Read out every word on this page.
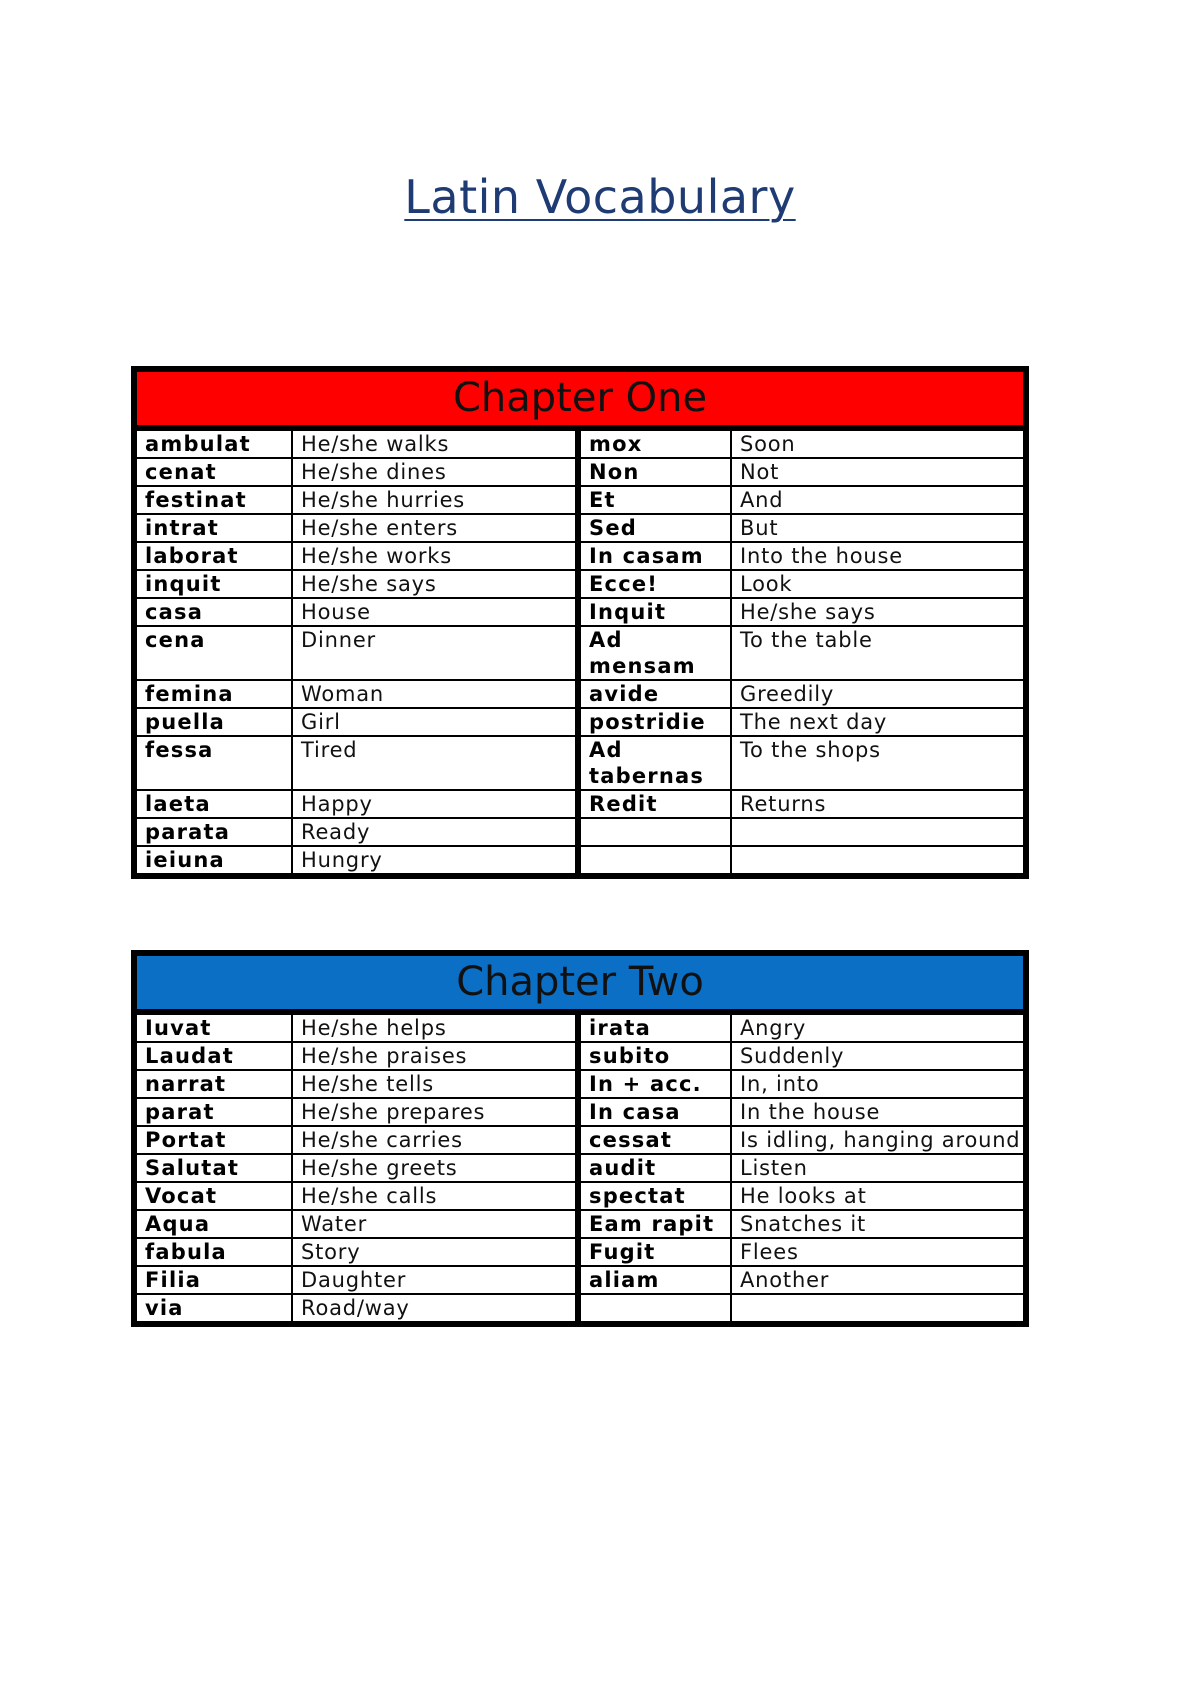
Latin Vocabulary
Chapter One			
ambulat	He/she walks	mox	Soon
cenat	He/she dines	Non	Not
festinat	He/she hurries	Et	And
intrat	He/she enters	Sed	But
laborat	He/she works	In casam	Into the house
inquit	He/she says	Ecce!	Look
casa	House	Inquit	He/she says
cena	Dinner	Ad mensam	To the table
femina	Woman	avide	Greedily
puella	Girl	postridie	The next day
fessa	Tired	Ad tabernas	To the shops
laeta	Happy	Redit	Returns
parata	Ready		
ieiuna	Hungry		
Chapter Two			
Iuvat	He/she helps	irata	Angry
Laudat	He/she praises	subito	Suddenly
narrat	He/she tells	In + acc.	In, into
parat	He/she prepares	In casa	In the house
Portat	He/she carries	cessat	Is idling, hanging around
Salutat	He/she greets	audit	Listen
Vocat	He/she calls	spectat	He looks at
Aqua	Water	Eam rapit	Snatches it
fabula	Story	Fugit	Flees
Filia	Daughter	aliam	Another
via	Road/way		
